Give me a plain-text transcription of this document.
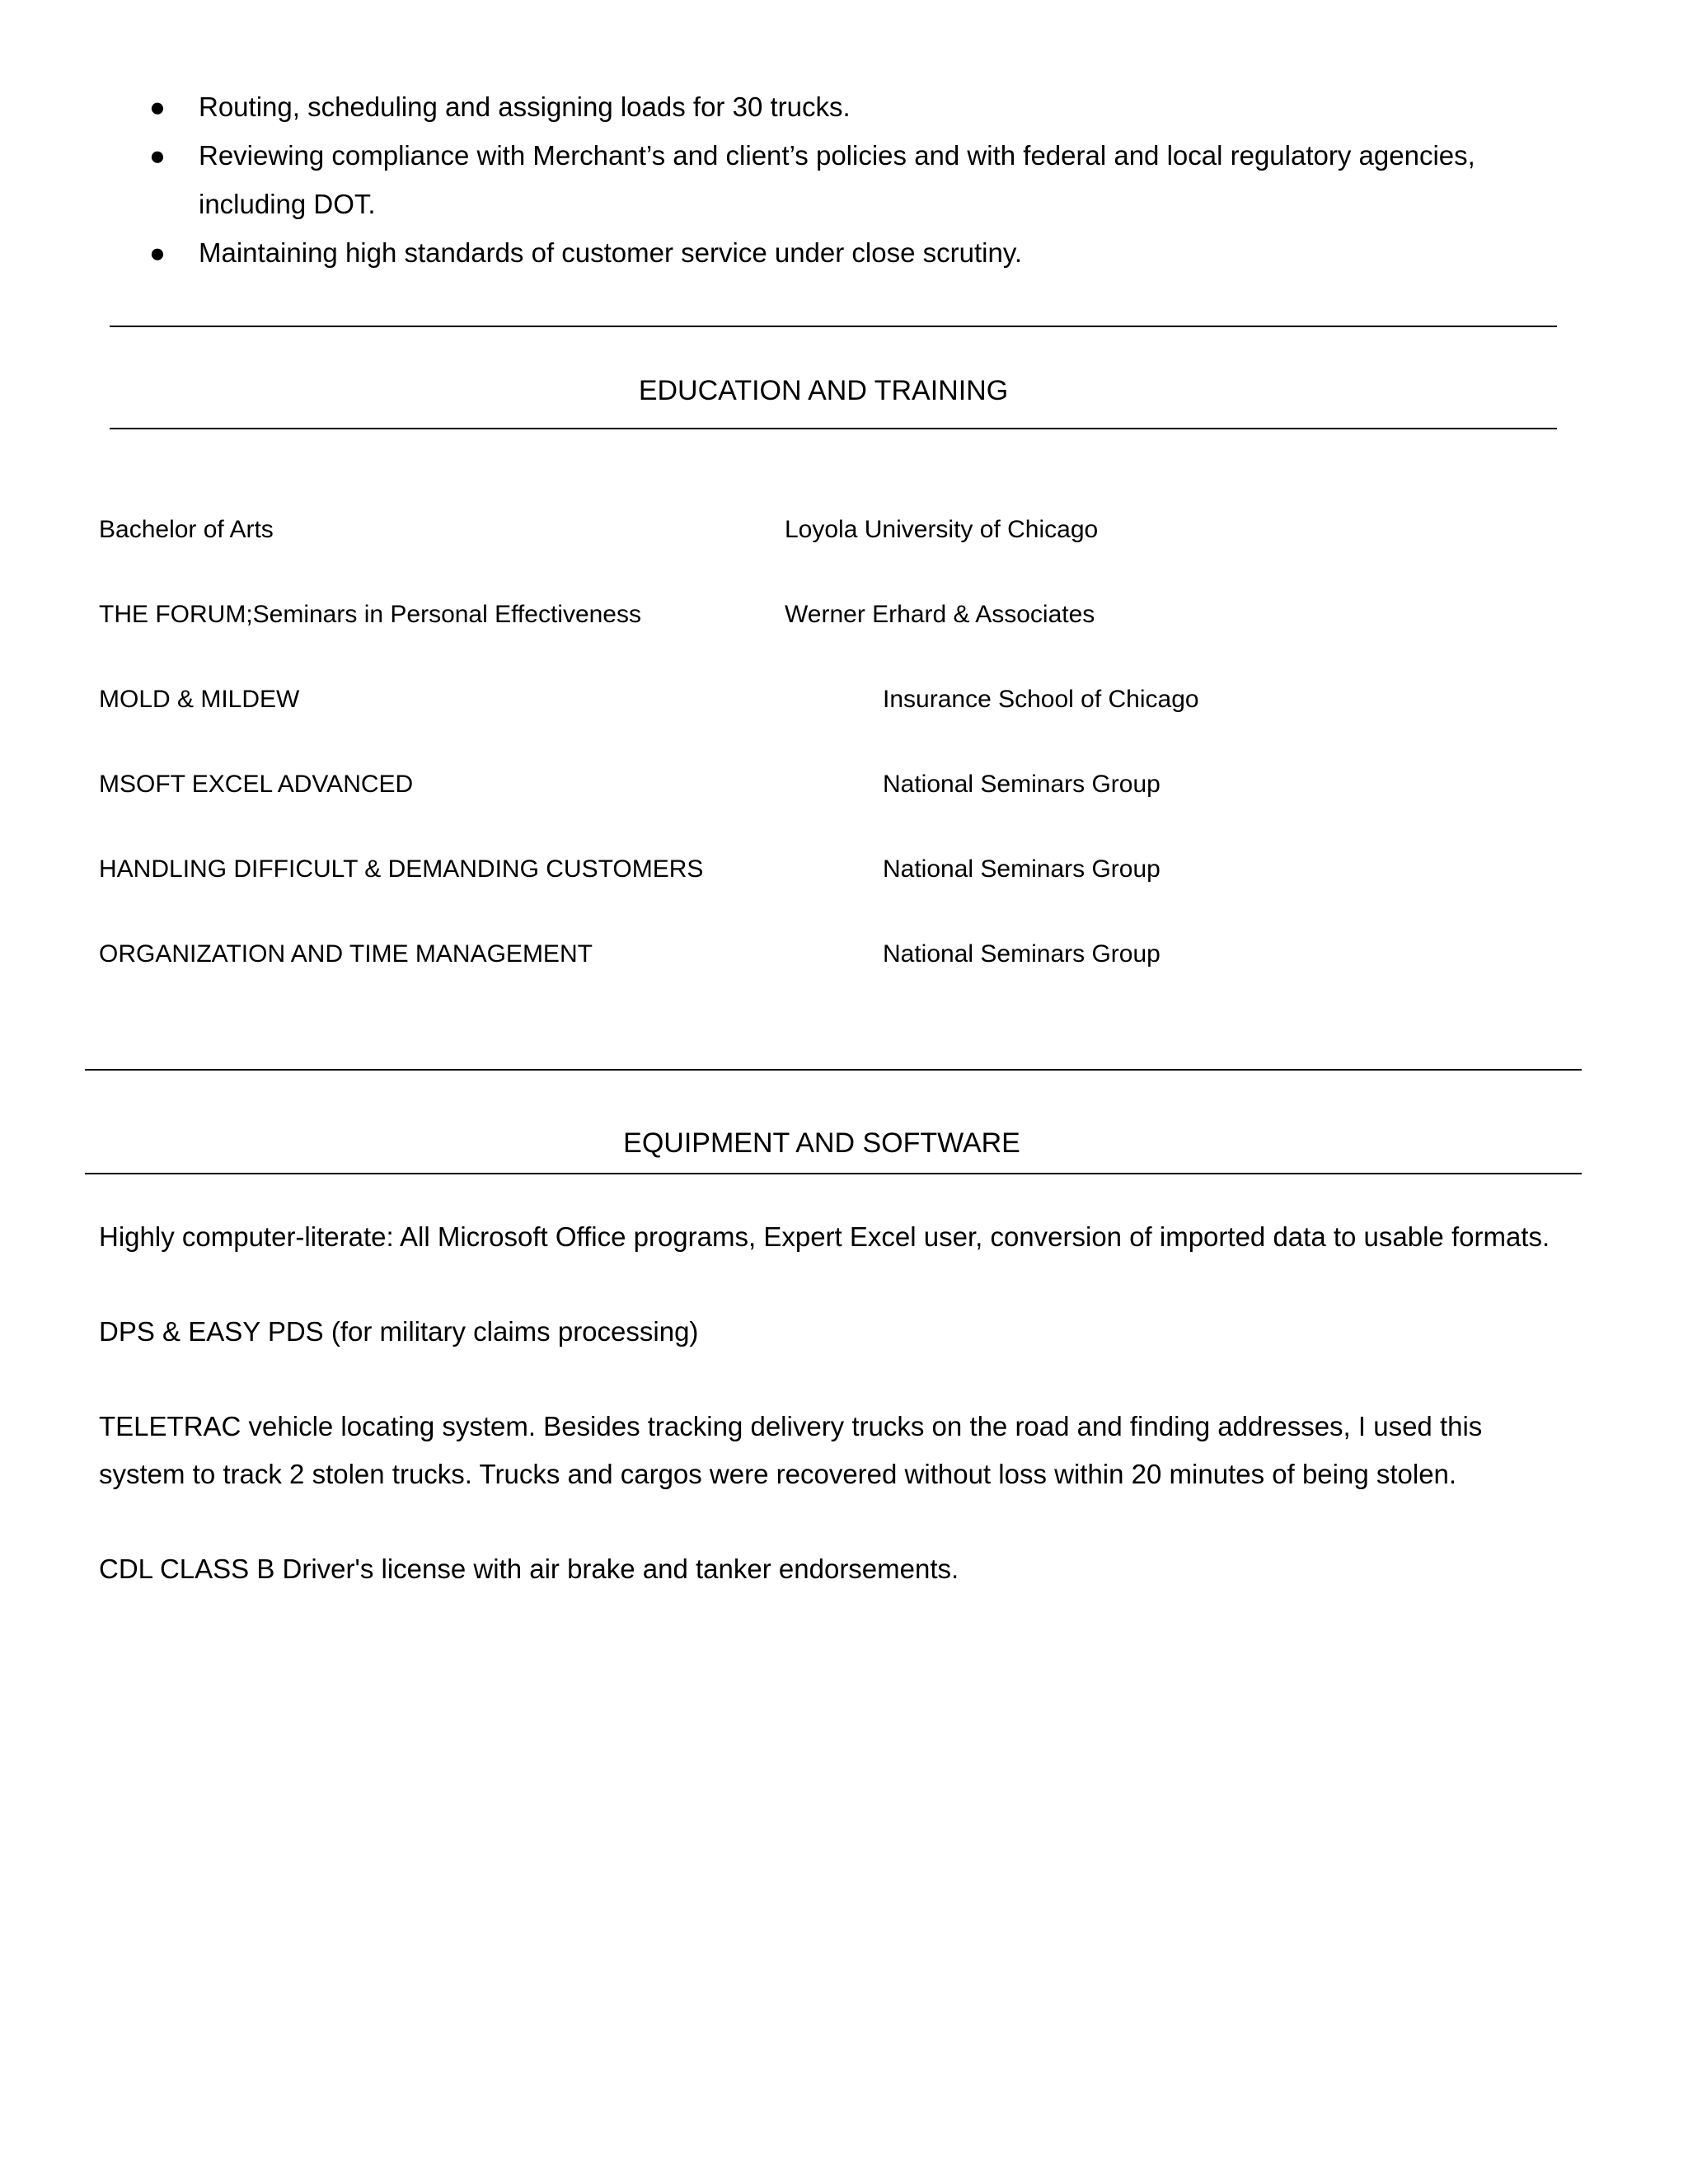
● Routing, scheduling and assigning loads for 30 trucks.
● Reviewing compliance with Merchant’s and client’s policies and with federal and local regulatory agencies, including DOT.
● Maintaining high standards of customer service under close scrutiny.
EDUCATION AND TRAINING
Bachelor of Arts	Loyola University of Chicago
THE FORUM;Seminars in Personal Effectiveness	Werner Erhard & Associates
MOLD & MILDEW	Insurance School of Chicago
MSOFT EXCEL ADVANCED	National Seminars Group
HANDLING DIFFICULT & DEMANDING CUSTOMERS	National Seminars Group
ORGANIZATION AND TIME MANAGEMENT	National Seminars Group
EQUIPMENT AND SOFTWARE

Highly computer-literate: All Microsoft Office programs, Expert Excel user, conversion of imported data to usable formats.

DPS & EASY PDS (for military claims processing)

TELETRAC vehicle locating system. Besides tracking delivery trucks on the road and finding addresses, I used this system to track 2 stolen trucks. Trucks and cargos were recovered without loss within 20 minutes of being stolen.

CDL CLASS B Driver's license with air brake and tanker endorsements.
